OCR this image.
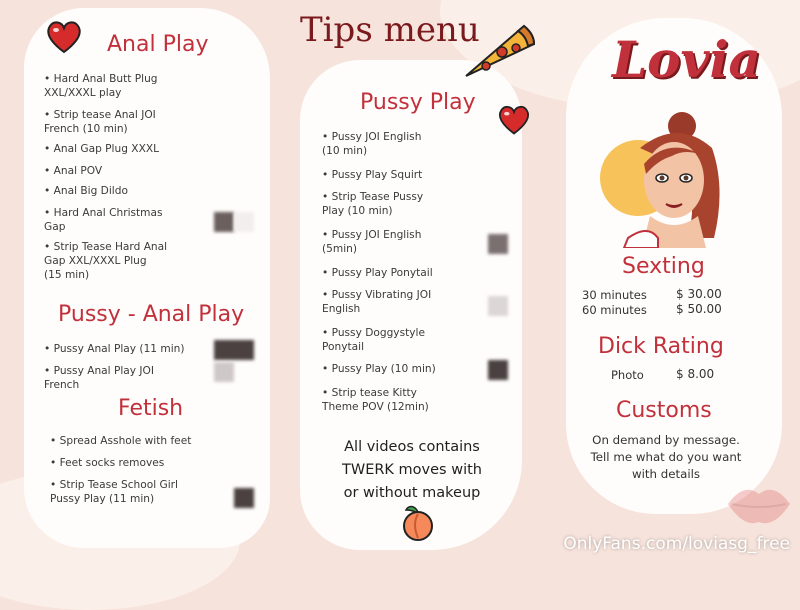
Tips menu
Anal Play
• Hard Anal Butt Plug
XXL/XXXL play
• Strip tease Anal JOI
French (10 min)
• Anal Gap Plug XXXL
• Anal POV
• Anal Big Dildo
• Hard Anal Christmas
Gap
• Strip Tease Hard Anal
Gap XXL/XXXL Plug
(15 min)
Pussy - Anal Play
• Pussy Anal Play (11 min)
• Pussy Anal Play JOI
French
Fetish
• Spread Asshole with feet
• Feet socks removes
• Strip Tease School Girl
Pussy Play (11 min)
Pussy Play
• Pussy JOI English
(10 min)
• Pussy Play Squirt
• Strip Tease Pussy
Play (10 min)
• Pussy JOI English
(5min)
• Pussy Play Ponytail
• Pussy Vibrating JOI
English
• Pussy Doggystyle
Ponytail
• Pussy Play (10 min)
• Strip tease Kitty
Theme POV (12min)
All videos contains
TWERK moves with
or without makeup
Lovia
Sexting
30 minutes $ 30.00
60 minutes $ 50.00
Dick Rating
Photo	$ 8.00
Customs
On demand by message.
Tell me what do you want
with details
OnlyFans.com/loviasg_free
